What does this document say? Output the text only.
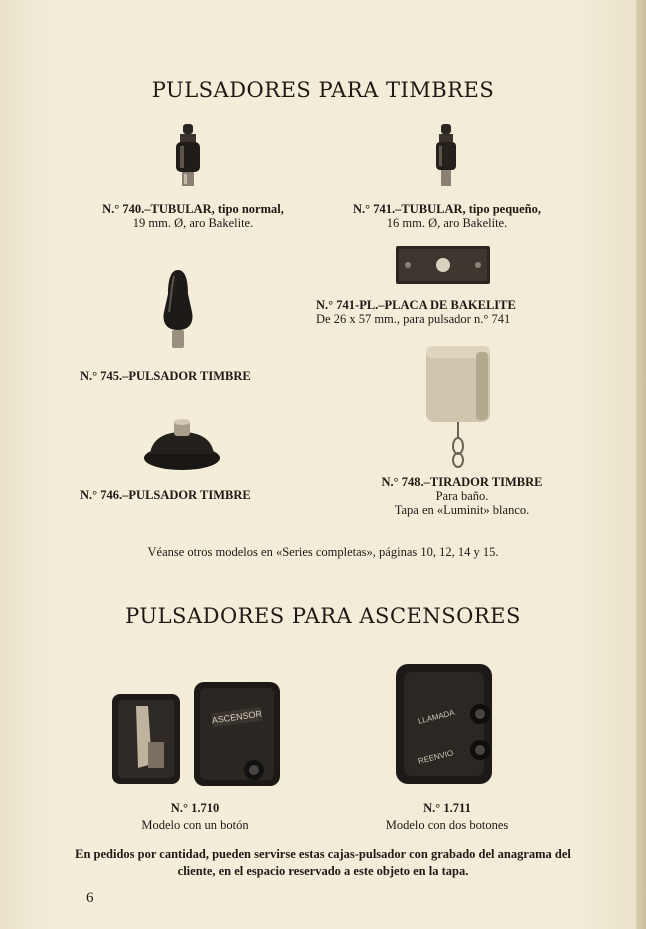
PULSADORES PARA TIMBRES
N.° 740.–TUBULAR, tipo normal,
19 mm. Ø, aro Bakelite.
N.° 741.–TUBULAR, tipo pequeño,
16 mm. Ø, aro Bakelite.
N.° 741-PL.–PLACA DE BAKELITE
De 26 x 57 mm., para pulsador n.° 741
N.° 745.–PULSADOR TIMBRE
N.° 746.–PULSADOR TIMBRE
N.° 748.–TIRADOR TIMBRE
Para baño.
Tapa en «Luminit» blanco.
Véanse otros modelos en «Series completas», páginas 10, 12, 14 y 15.
PULSADORES PARA ASCENSORES
ASCENSOR
N.° 1.710
Modelo con un botón
LLAMADA
REENVIO
N.° 1.711
Modelo con dos botones
En pedidos por cantidad, pueden servirse estas cajas-pulsador con grabado del anagrama del cliente, en el espacio reservado a este objeto en la tapa.
6
